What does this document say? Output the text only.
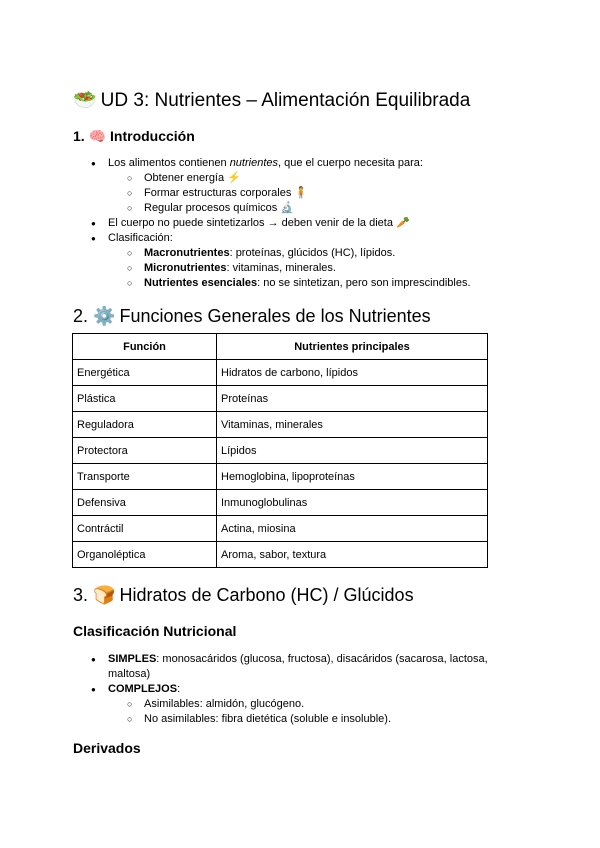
🥗 UD 3: Nutrientes – Alimentación Equilibrada
1. 🧠 Introducción
● Los alimentos contienen nutrientes, que el cuerpo necesita para:
○ Obtener energía ⚡
○ Formar estructuras corporales 🧍
○ Regular procesos químicos 🔬
● El cuerpo no puede sintetizarlos → deben venir de la dieta 🥕
● Clasificación:
○ Macronutrientes: proteínas, glúcidos (HC), lípidos.
○ Micronutrientes: vitaminas, minerales.
○ Nutrientes esenciales: no se sintetizan, pero son imprescindibles.
2. ⚙️ Funciones Generales de los Nutrientes
Función	Nutrientes principales
Energética	Hidratos de carbono, lípidos
Plástica	Proteínas
Reguladora	Vitaminas, minerales
Protectora	Lípidos
Transporte	Hemoglobina, lipoproteínas
Defensiva	Inmunoglobulinas
Contráctil	Actina, miosina
Organoléptica	Aroma, sabor, textura
3. 🍞 Hidratos de Carbono (HC) / Glúcidos
Clasificación Nutricional
● SIMPLES: monosacáridos (glucosa, fructosa), disacáridos (sacarosa, lactosa, maltosa)
● COMPLEJOS:
○ Asimilables: almidón, glucógeno.
○ No asimilables: fibra dietética (soluble e insoluble).
Derivados
